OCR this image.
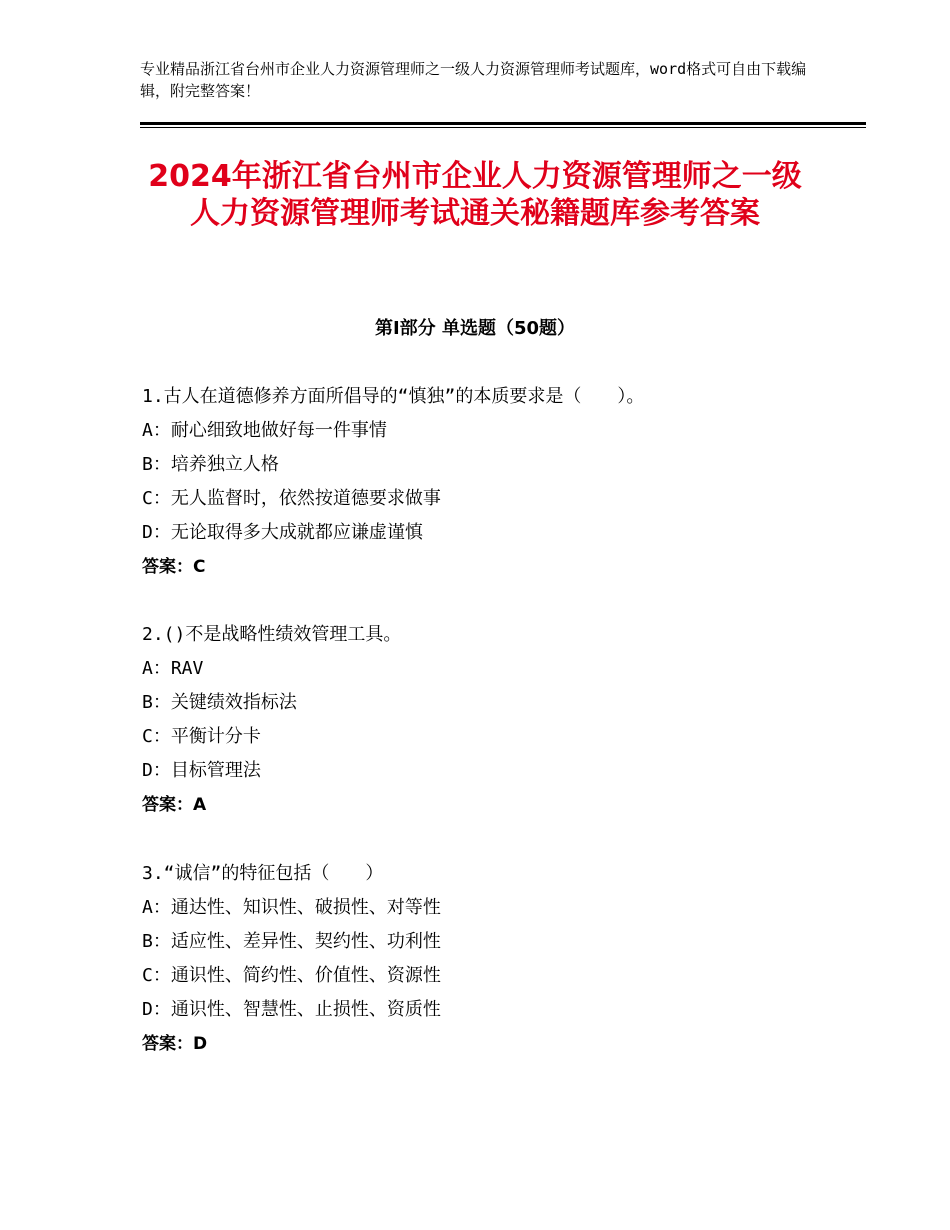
专业精品浙江省台州市企业人力资源管理师之一级人力资源管理师考试题库，word格式可自由下载编辑，附完整答案！
2024年浙江省台州市企业人力资源管理师之一级人力资源管理师考试通关秘籍题库参考答案
第Ⅰ部分 单选题（50题）
1.古人在道德修养方面所倡导的“慎独”的本质要求是（　　）。
A：耐心细致地做好每一件事情
B：培养独立人格
C：无人监督时，依然按道德要求做事
D：无论取得多大成就都应谦虚谨慎
答案：C
2.()不是战略性绩效管理工具。
A：RAV
B：关键绩效指标法
C：平衡计分卡
D：目标管理法
答案：A
3.“诚信”的特征包括（　　）
A：通达性、知识性、破损性、对等性
B：适应性、差异性、契约性、功利性
C：通识性、简约性、价值性、资源性
D：通识性、智慧性、止损性、资质性
答案：D
